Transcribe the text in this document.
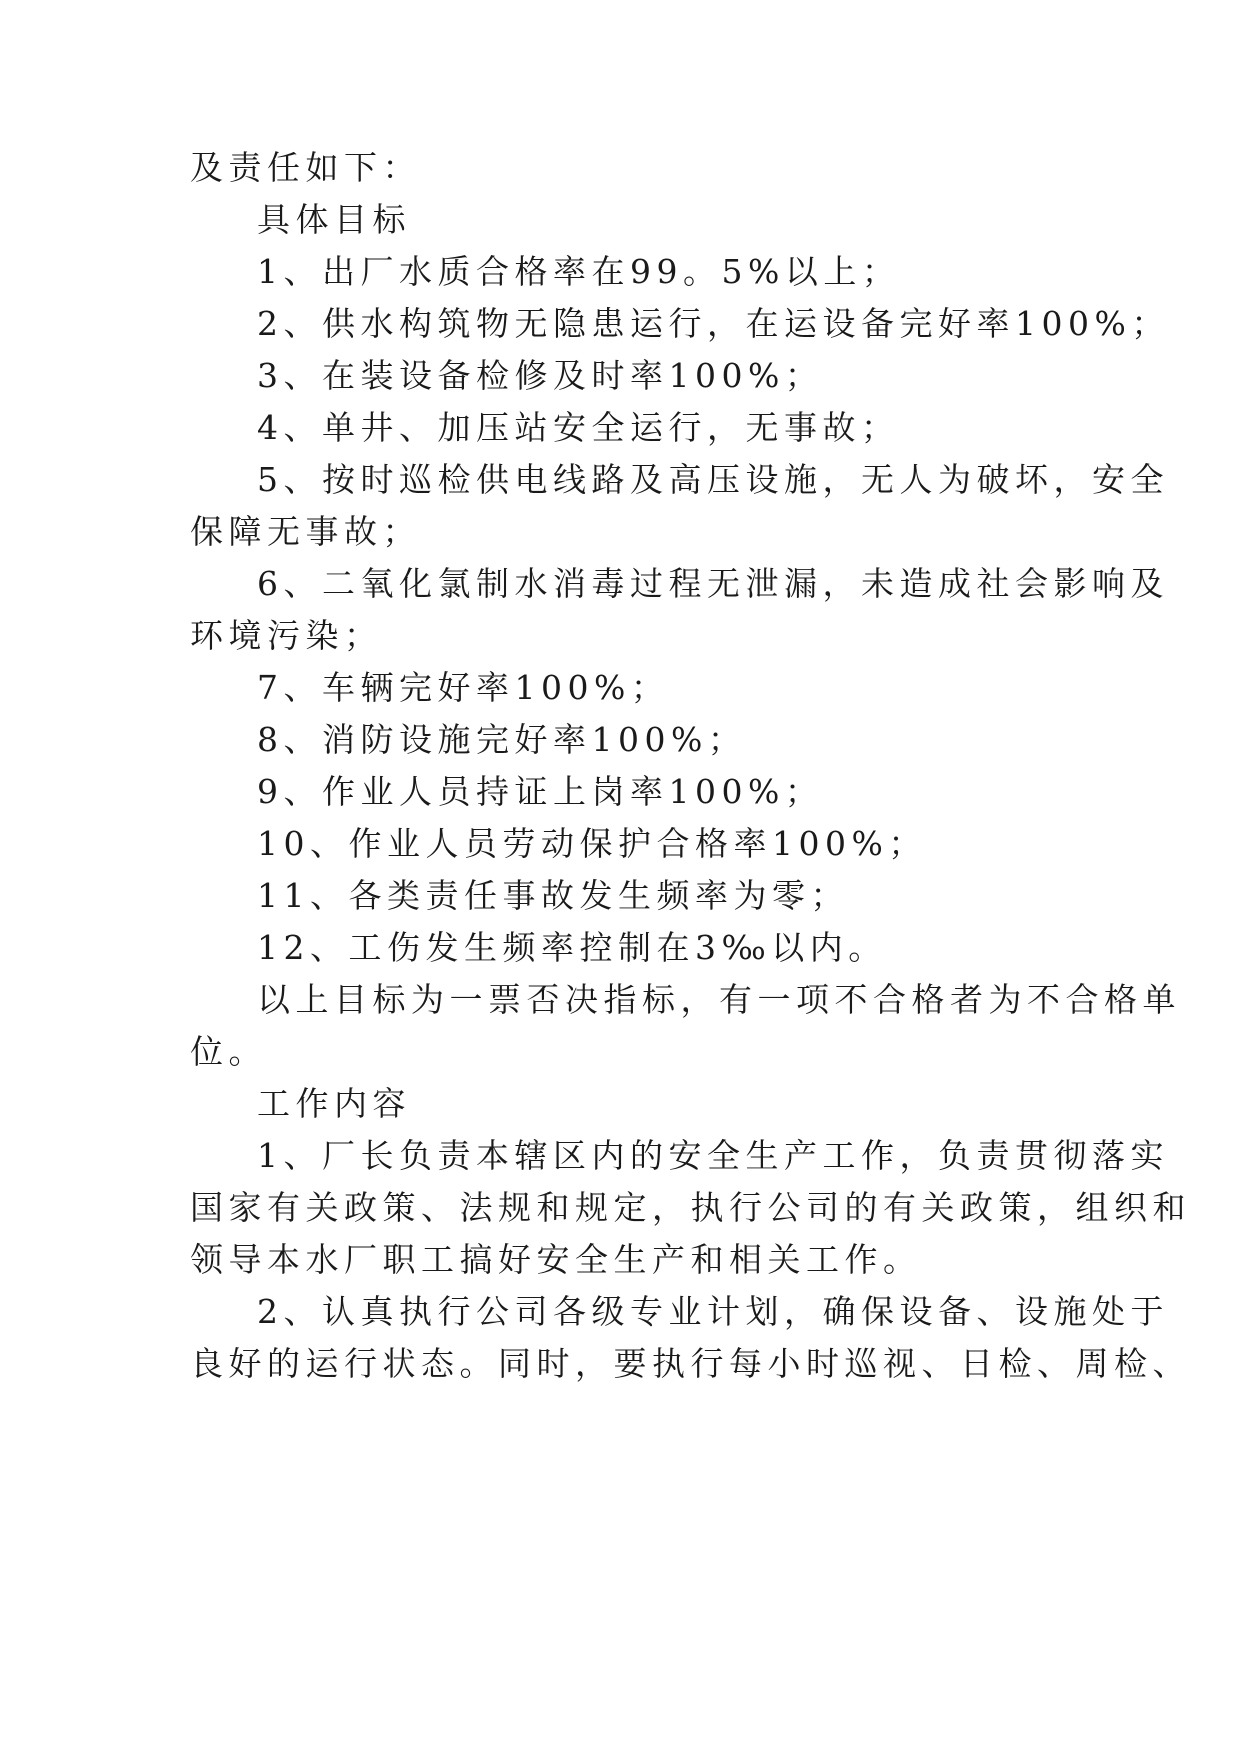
及责任如下：
具体目标
1、出厂水质合格率在99。5%以上；
2、供水构筑物无隐患运行，在运设备完好率100%；
3、在装设备检修及时率100%；
4、单井、加压站安全运行，无事故；
5、按时巡检供电线路及高压设施，无人为破坏，安全
保障无事故；
6、二氧化氯制水消毒过程无泄漏，未造成社会影响及
环境污染；
7、车辆完好率100%；
8、消防设施完好率100%；
9、作业人员持证上岗率100%；
10、作业人员劳动保护合格率100%；
11、各类责任事故发生频率为零；
12、工伤发生频率控制在3‰以内。
以上目标为一票否决指标，有一项不合格者为不合格单
位。
工作内容
1、厂长负责本辖区内的安全生产工作，负责贯彻落实
国家有关政策、法规和规定，执行公司的有关政策，组织和
领导本水厂职工搞好安全生产和相关工作。
2、认真执行公司各级专业计划，确保设备、设施处于
良好的运行状态。同时，要执行每小时巡视、日检、周检、
